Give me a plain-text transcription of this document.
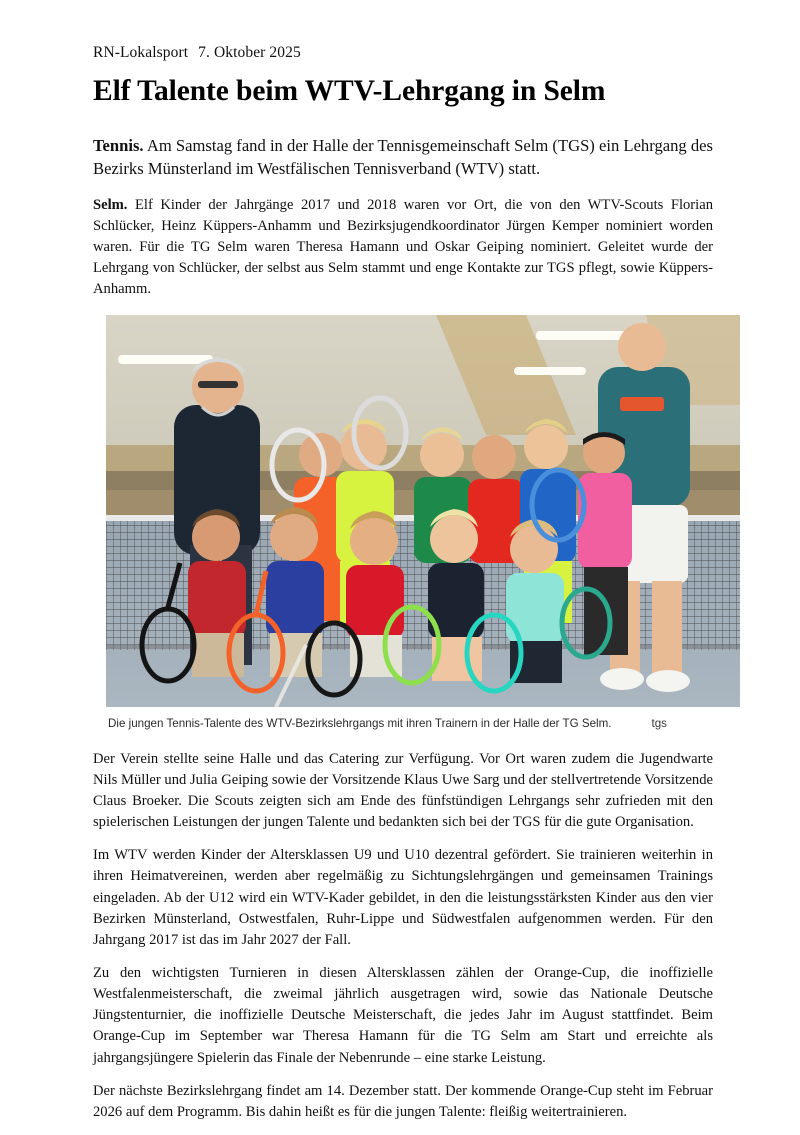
RN-Lokalsport 7. Oktober 2025
Elf Talente beim WTV-Lehrgang in Selm

Tennis. Am Samstag fand in der Halle der Tennisgemeinschaft Selm (TGS) ein Lehrgang des Bezirks Münsterland im Westfälischen Tennisverband (WTV) statt.

Selm. Elf Kinder der Jahrgänge 2017 und 2018 waren vor Ort, die von den WTV-Scouts Florian Schlücker, Heinz Küppers-Anhamm und Bezirksjugendkoordinator Jürgen Kemper nominiert worden waren. Für die TG Selm waren Theresa Hamann und Oskar Geiping nominiert. Geleitet wurde der Lehrgang von Schlücker, der selbst aus Selm stammt und enge Kontakte zur TGS pflegt, sowie Küppers-Anhamm.

Die jungen Tennis-Talente des WTV-Bezirkslehrgangs mit ihren Trainern in der Halle der TG Selm.	tgs

Der Verein stellte seine Halle und das Catering zur Verfügung. Vor Ort waren zudem die Jugendwarte Nils Müller und Julia Geiping sowie der Vorsitzende Klaus Uwe Sarg und der stellvertretende Vorsitzende Claus Broeker. Die Scouts zeigten sich am Ende des fünfstündigen Lehrgangs sehr zufrieden mit den spielerischen Leistungen der jungen Talente und bedankten sich bei der TGS für die gute Organisation.

Im WTV werden Kinder der Altersklassen U9 und U10 dezentral gefördert. Sie trainieren weiterhin in ihren Heimatvereinen, werden aber regelmäßig zu Sichtungslehrgängen und gemeinsamen Trainings eingeladen. Ab der U12 wird ein WTV-Kader gebildet, in den die leistungsstärksten Kinder aus den vier Bezirken Münsterland, Ostwestfalen, Ruhr-Lippe und Südwestfalen aufgenommen werden. Für den Jahrgang 2017 ist das im Jahr 2027 der Fall.

Zu den wichtigsten Turnieren in diesen Altersklassen zählen der Orange-Cup, die inoffizielle Westfalenmeisterschaft, die zweimal jährlich ausgetragen wird, sowie das Nationale Deutsche Jüngstenturnier, die inoffizielle Deutsche Meisterschaft, die jedes Jahr im August stattfindet. Beim Orange-Cup im September war Theresa Hamann für die TG Selm am Start und erreichte als jahrgangsjüngere Spielerin das Finale der Nebenrunde – eine starke Leistung.

Der nächste Bezirkslehrgang findet am 14. Dezember statt. Der kommende Orange-Cup steht im Februar 2026 auf dem Programm. Bis dahin heißt es für die jungen Talente: fleißig weitertrainieren.
